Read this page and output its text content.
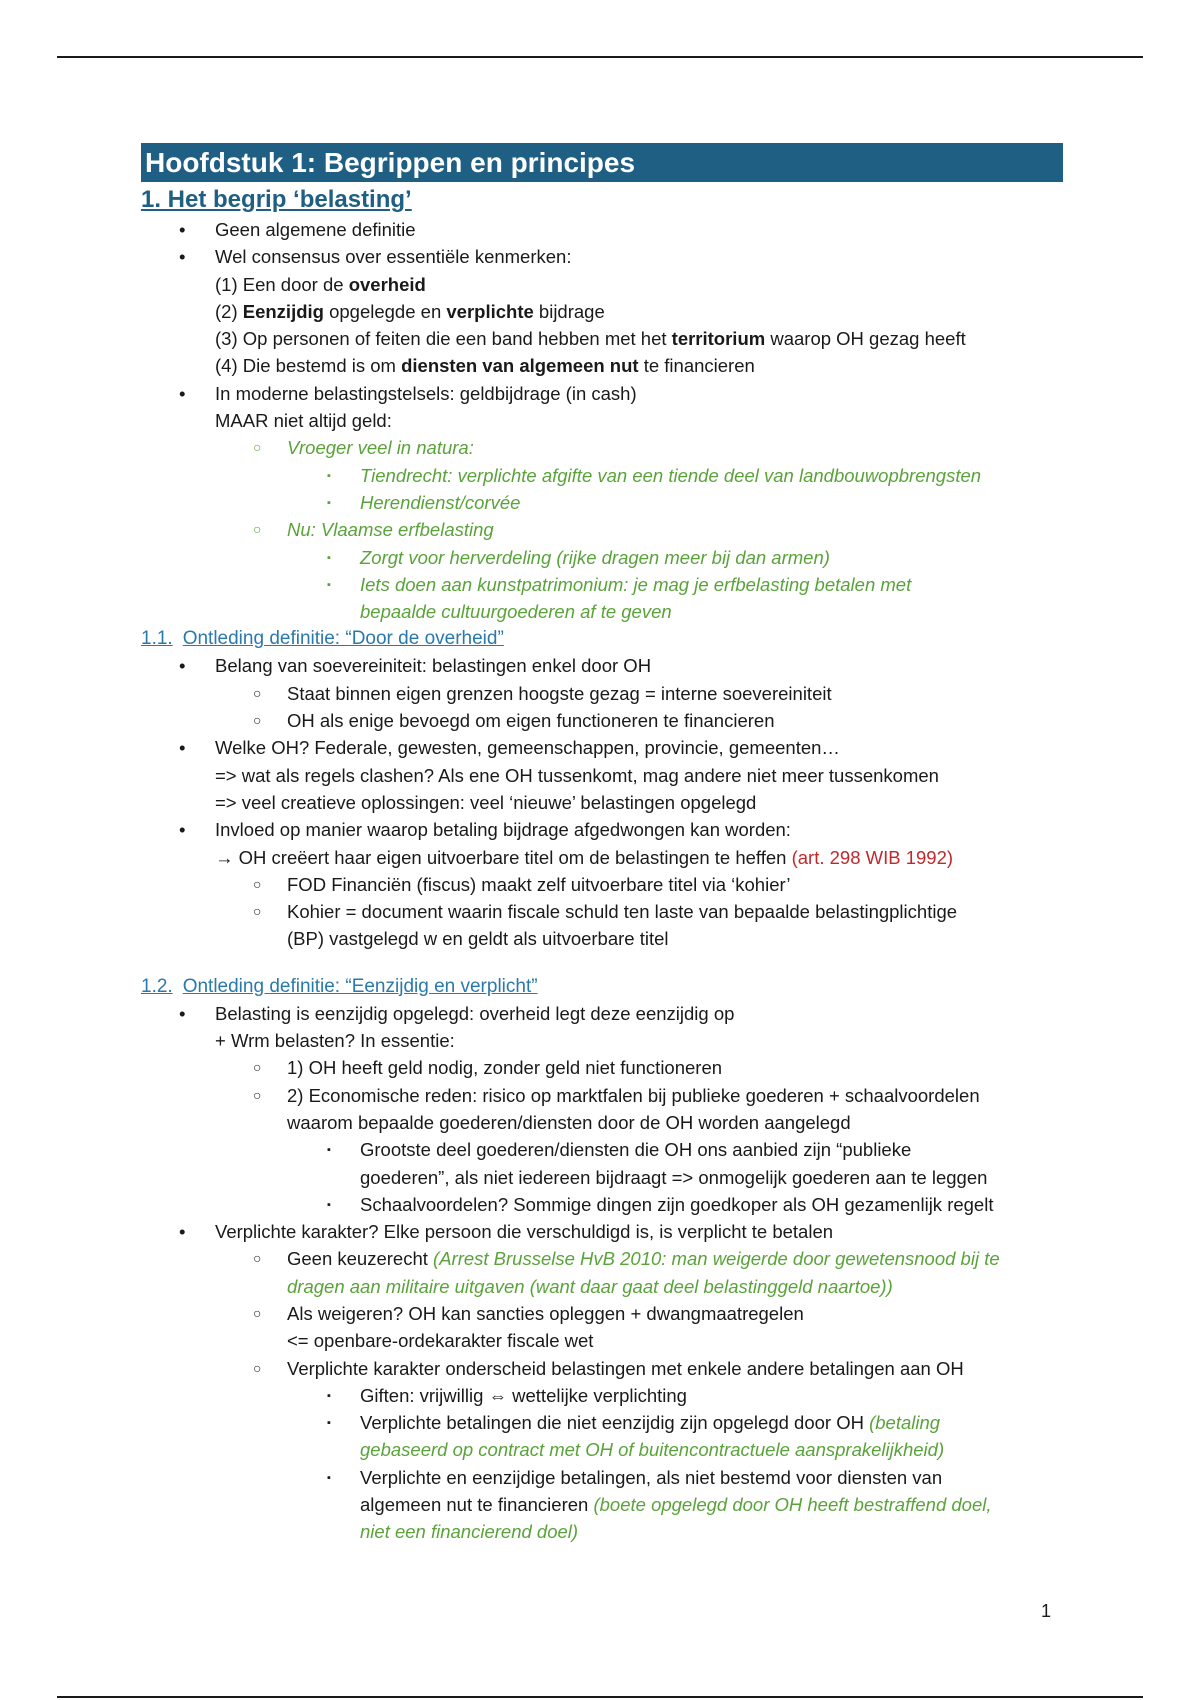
Hoofdstuk 1: Begrippen en principes
1. Het begrip ‘belasting’
• Geen algemene definitie
• Wel consensus over essentiële kenmerken:
(1) Een door de overheid
(2) Eenzijdig opgelegde en verplichte bijdrage
(3) Op personen of feiten die een band hebben met het territorium waarop OH gezag heeft
(4) Die bestemd is om diensten van algemeen nut te financieren
• In moderne belastingstelsels: geldbijdrage (in cash)
MAAR niet altijd geld:
○ Vroeger veel in natura:
▪ Tiendrecht: verplichte afgifte van een tiende deel van landbouwopbrengsten
▪ Herendienst/corvée
○ Nu: Vlaamse erfbelasting
▪ Zorgt voor herverdeling (rijke dragen meer bij dan armen)
▪ Iets doen aan kunstpatrimonium: je mag je erfbelasting betalen met
bepaalde cultuurgoederen af te geven
1.1. Ontleding definitie: “Door de overheid”
• Belang van soevereiniteit: belastingen enkel door OH
○ Staat binnen eigen grenzen hoogste gezag = interne soevereiniteit
○ OH als enige bevoegd om eigen functioneren te financieren
• Welke OH? Federale, gewesten, gemeenschappen, provincie, gemeenten…
=> wat als regels clashen? Als ene OH tussenkomt, mag andere niet meer tussenkomen
=> veel creatieve oplossingen: veel ‘nieuwe’ belastingen opgelegd
• Invloed op manier waarop betaling bijdrage afgedwongen kan worden:
→ OH creëert haar eigen uitvoerbare titel om de belastingen te heffen (art. 298 WIB 1992)
○ FOD Financiën (fiscus) maakt zelf uitvoerbare titel via ‘kohier’
○ Kohier = document waarin fiscale schuld ten laste van bepaalde belastingplichtige
(BP) vastgelegd w en geldt als uitvoerbare titel
1.2. Ontleding definitie: “Eenzijdig en verplicht”
• Belasting is eenzijdig opgelegd: overheid legt deze eenzijdig op
+ Wrm belasten? In essentie:
○ 1) OH heeft geld nodig, zonder geld niet functioneren
○ 2) Economische reden: risico op marktfalen bij publieke goederen + schaalvoordelen
waarom bepaalde goederen/diensten door de OH worden aangelegd
▪ Grootste deel goederen/diensten die OH ons aanbied zijn “publieke
goederen”, als niet iedereen bijdraagt => onmogelijk goederen aan te leggen
▪ Schaalvoordelen? Sommige dingen zijn goedkoper als OH gezamenlijk regelt
• Verplichte karakter? Elke persoon die verschuldigd is, is verplicht te betalen
○ Geen keuzerecht (Arrest Brusselse HvB 2010: man weigerde door gewetensnood bij te
dragen aan militaire uitgaven (want daar gaat deel belastinggeld naartoe))
○ Als weigeren? OH kan sancties opleggen + dwangmaatregelen
<= openbare-ordekarakter fiscale wet
○ Verplichte karakter onderscheid belastingen met enkele andere betalingen aan OH
▪ Giften: vrijwillig ⇔ wettelijke verplichting
▪ Verplichte betalingen die niet eenzijdig zijn opgelegd door OH (betaling
gebaseerd op contract met OH of buitencontractuele aansprakelijkheid)
▪ Verplichte en eenzijdige betalingen, als niet bestemd voor diensten van
algemeen nut te financieren (boete opgelegd door OH heeft bestraffend doel,
niet een financierend doel)
1
